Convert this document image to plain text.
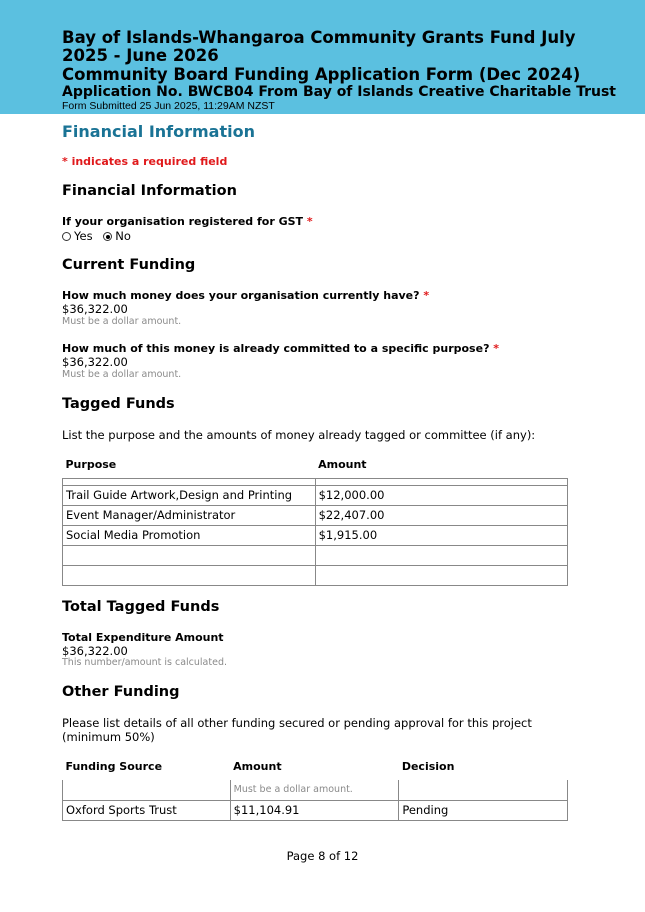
Bay of Islands-Whangaroa Community Grants Fund July 2025 - June 2026
Community Board Funding Application Form (Dec 2024)
Application No. BWCB04 From Bay of Islands Creative Charitable Trust
Form Submitted 25 Jun 2025, 11:29AM NZST
Financial Information
* indicates a required field
Financial Information
If your organisation registered for GST *
Yes No
Current Funding
How much money does your organisation currently have? *
$36,322.00
Must be a dollar amount.
How much of this money is already committed to a specific purpose? *
$36,322.00
Must be a dollar amount.
Tagged Funds
List the purpose and the amounts of money already tagged or committee (if any):
Purpose	Amount

Trail Guide Artwork,Design and Printing	$12,000.00
Event Manager/Administrator	$22,407.00
Social Media Promotion	$1,915.00

Total Tagged Funds
Total Expenditure Amount
$36,322.00
This number/amount is calculated.
Other Funding
Please list details of all other funding secured or pending approval for this project (minimum 50%)
Funding Source	Amount	Decision
	Must be a dollar amount.	
Oxford Sports Trust	$11,104.91	Pending
Page 8 of 12
